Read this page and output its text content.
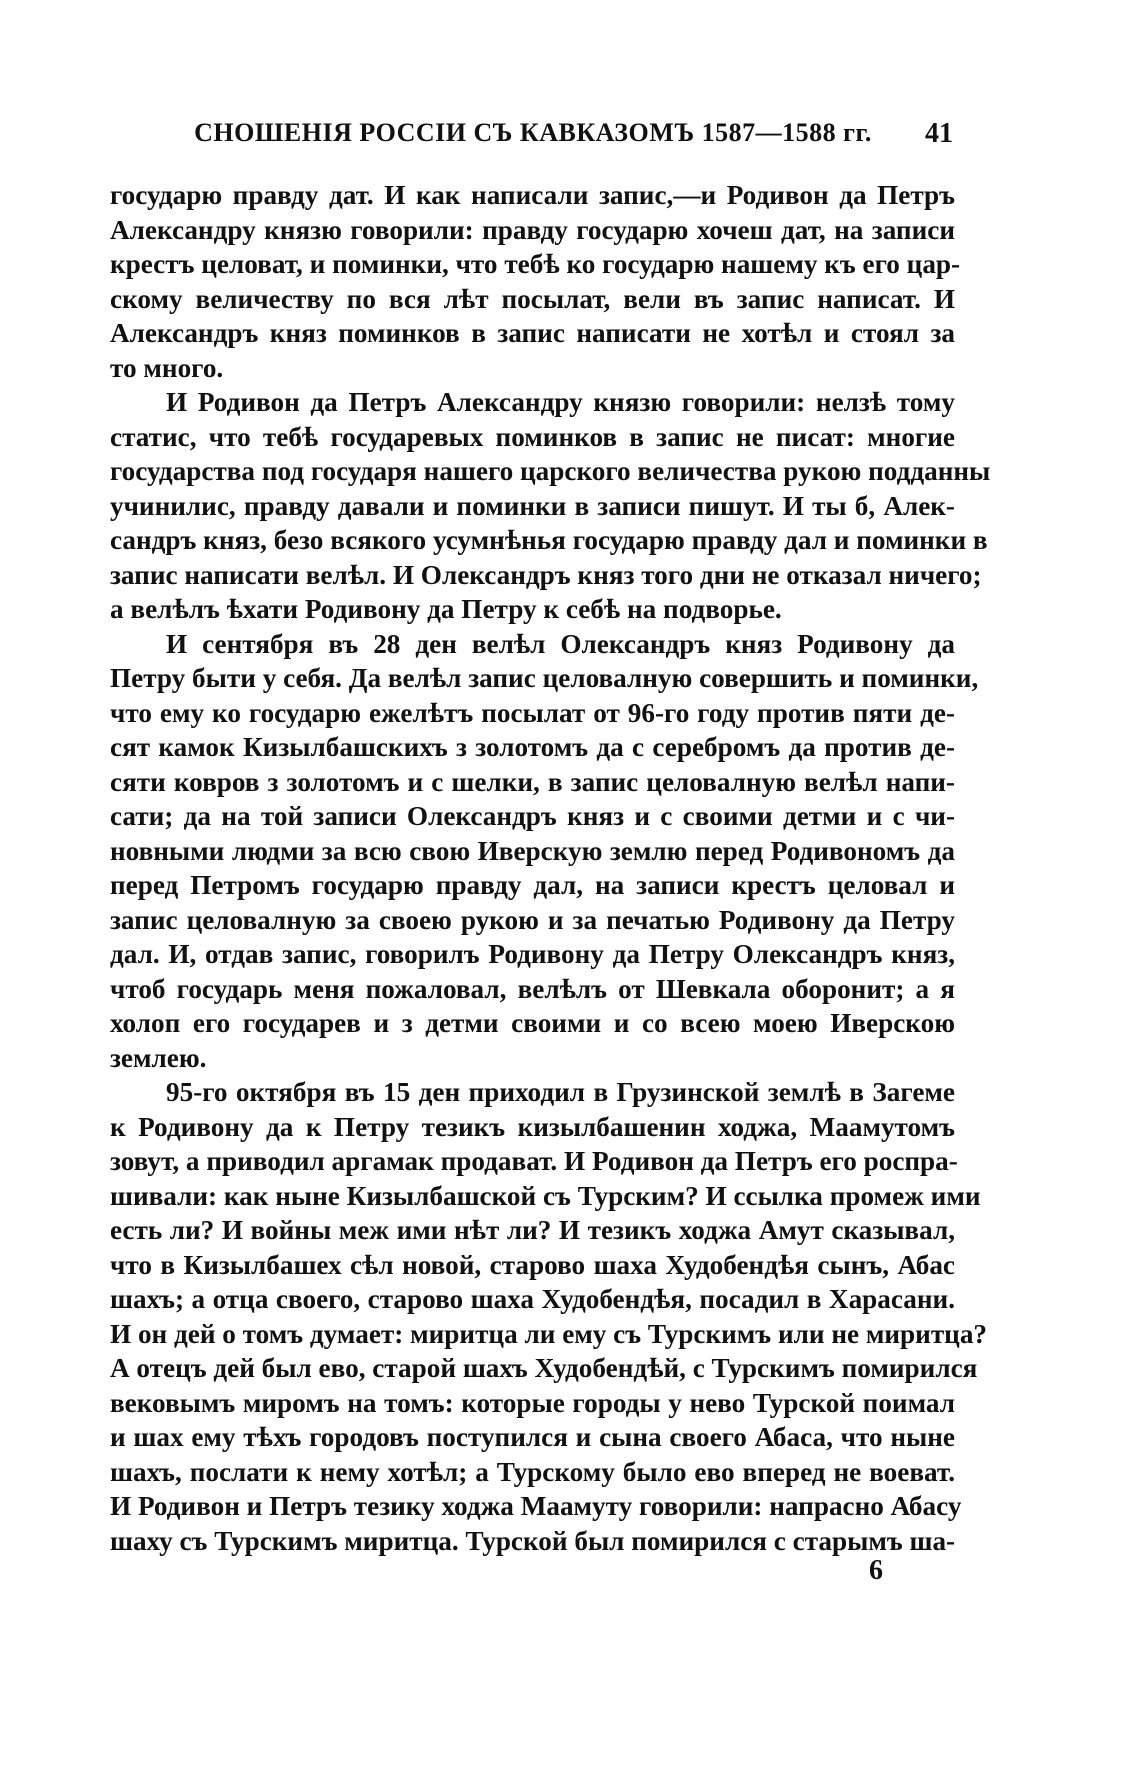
СНОШЕНІЯ РОССІИ СЪ КАВКАЗОМЪ 1587—1588 гг.	41
государю правду дат. И как написали запис,—и Родивон да Петръ
Александру князю говорили: правду государю хочеш дат, на записи
крестъ целоват, и поминки, что тебѣ ко государю нашему къ его цар-
скому величеству по вся лѣт посылат, вели въ запис написат. И
Александръ княз поминков в запис написати не хотѣл и стоял за
то много.
И Родивон да Петръ Александру князю говорили: нелзѣ тому
статис, что тебѣ государевых поминков в запис не писат: многие
государства под государя нашего царского величества рукою подданны
учинилис, правду давали и поминки в записи пишут. И ты б, Алек-
сандръ княз, безо всякого усумнѣнья государю правду дал и поминки в
запис написати велѣл. И Олександръ княз того дни не отказал ничего;
а велѣлъ ѣхати Родивону да Петру к себѣ на подворье.
И сентября въ 28 ден велѣл Олександръ княз Родивону да
Петру быти у себя. Да велѣл запис целовалную совершить и поминки,
что ему ко государю ежелѣтъ посылат от 96-го году против пяти де-
сят камок Кизылбашскихъ з золотомъ да с серебромъ да против де-
сяти ковров з золотомъ и с шелки, в запис целовалную велѣл напи-
сати; да на той записи Олександръ княз и с своими детми и с чи-
новными людми за всю свою Иверскую землю перед Родивономъ да
перед Петромъ государю правду дал, на записи крестъ целовал и
запис целовалную за своею рукою и за печатью Родивону да Петру
дал. И, отдав запис, говорилъ Родивону да Петру Олександръ княз,
чтоб государь меня пожаловал, велѣлъ от Шевкала оборонит; а я
холоп его государев и з детми своими и со всею моею Иверскою
землею.
95-го октября въ 15 ден приходил в Грузинской землѣ в Загеме
к Родивону да к Петру тезикъ кизылбашенин ходжа, Маамутомъ
зовут, а приводил аргамак продават. И Родивон да Петръ его роспра-
шивали: как ныне Кизылбашской съ Турским? И ссылка промеж ими
есть ли? И войны меж ими нѣт ли? И тезикъ ходжа Амут сказывал,
что в Кизылбашех сѣл новой, старово шаха Худобендѣя сынъ, Абас
шахъ; а отца своего, старово шаха Худобендѣя, посадил в Харасани.
И он дей о томъ думает: миритца ли ему съ Турскимъ или не миритца?
А отецъ дей был ево, старой шахъ Худобендѣй, с Турскимъ помирился
вековымъ миромъ на томъ: которые городы у нево Турской поимал
и шах ему тѣхъ городовъ поступился и сына своего Абаса, что ныне
шахъ, послати к нему хотѣл; а Турскому было ево вперед не воеват.
И Родивон и Петръ тезику ходжа Маамуту говорили: напрасно Абасу
шаху съ Турскимъ миритца. Турской был помирился с старымъ ша-
6
